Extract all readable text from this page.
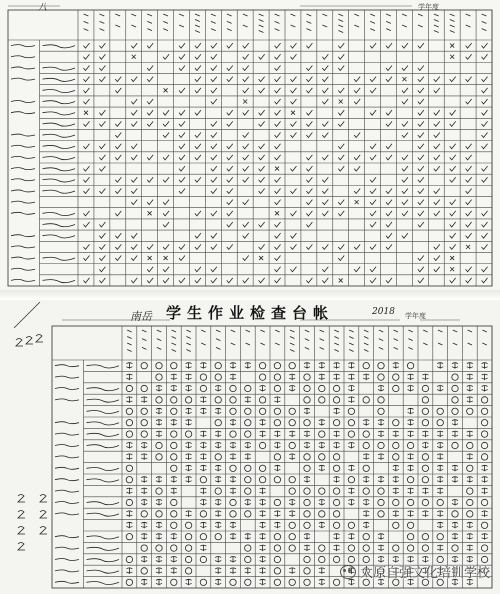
八	学年度
学生作业检查台帐
南岳	2018 学年度
太原自强文化培训学校
